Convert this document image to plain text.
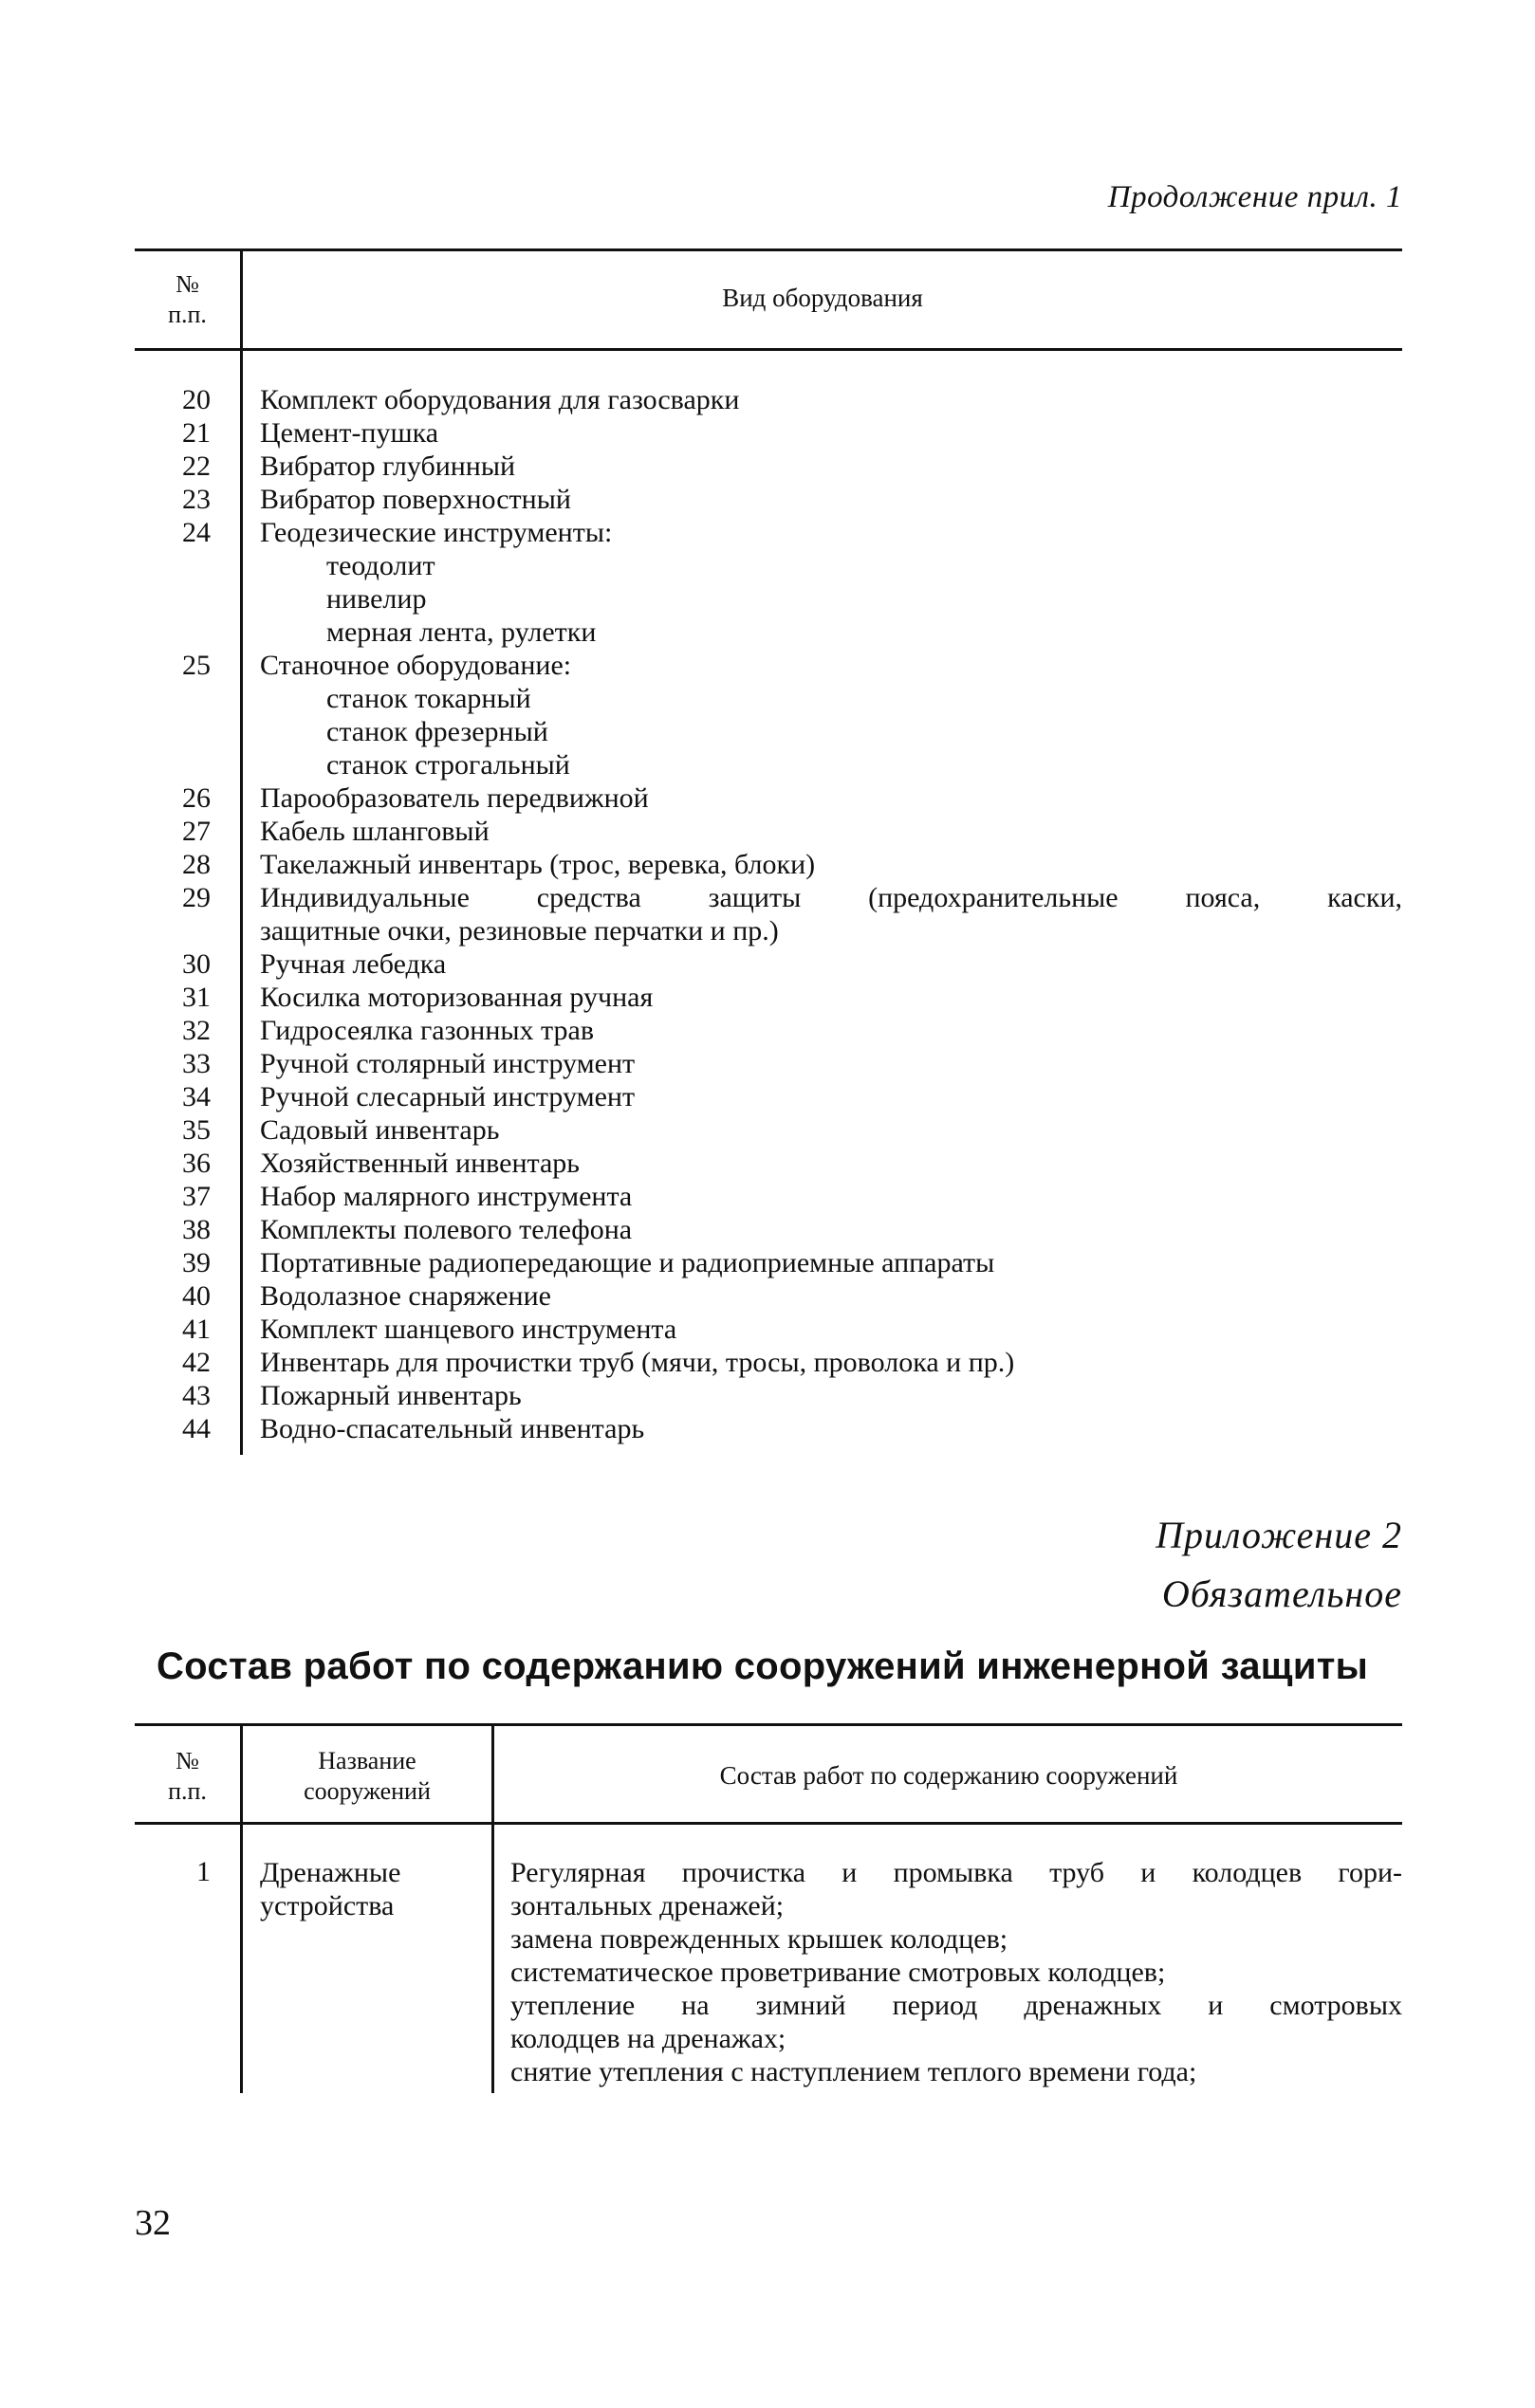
Продолжение прил. 1
№
п.п.
Вид оборудования
20 Комплект оборудования для газосварки
21 Цемент-пушка
22 Вибратор глубинный
23 Вибратор поверхностный
24 Геодезические инструменты:
теодолит
нивелир
мерная лента, рулетки
25 Станочное оборудование:
станок токарный
станок фрезерный
станок строгальный
26 Парообразователь передвижной
27 Кабель шланговый
28 Такелажный инвентарь (трос, веревка, блоки)
29 Индивидуальные средства защиты (предохранительные пояса, каски,
защитные очки, резиновые перчатки и пр.)
30 Ручная лебедка
31 Косилка моторизованная ручная
32 Гидросеялка газонных трав
33 Ручной столярный инструмент
34 Ручной слесарный инструмент
35 Садовый инвентарь
36 Хозяйственный инвентарь
37 Набор малярного инструмента
38 Комплекты полевого телефона
39 Портативные радиопередающие и радиоприемные аппараты
40 Водолазное снаряжение
41 Комплект шанцевого инструмента
42 Инвентарь для прочистки труб (мячи, тросы, проволока и пр.)
43 Пожарный инвентарь
44 Водно-спасательный инвентарь
Приложение 2
Обязательное
Состав работ по содержанию сооружений инженерной защиты
№
п.п.
Название
сооружений
Состав работ по содержанию сооружений
1 Дренажные
устройства
Регулярная прочистка и промывка труб и колодцев гори-
зонтальных дренажей;
замена поврежденных крышек колодцев;
систематическое проветривание смотровых колодцев;
утепление на зимний период дренажных и смотровых
колодцев на дренажах;
снятие утепления с наступлением теплого времени года;
32
